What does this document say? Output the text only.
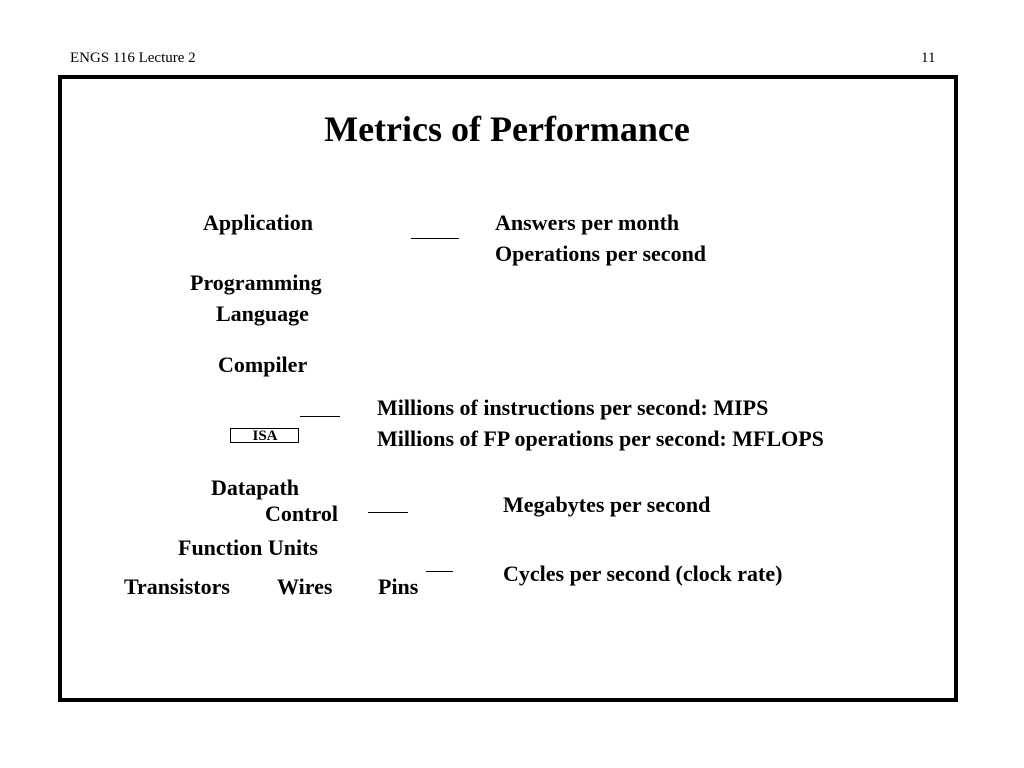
ENGS 116 Lecture 2	11
Metrics of Performance
Application
Programming
Language
Compiler
ISA
Datapath
Control
Function Units
Transistors Wires Pins
Answers per month
Operations per second
Millions of instructions per second: MIPS
Millions of FP operations per second: MFLOPS
Megabytes per second
Cycles per second (clock rate)
